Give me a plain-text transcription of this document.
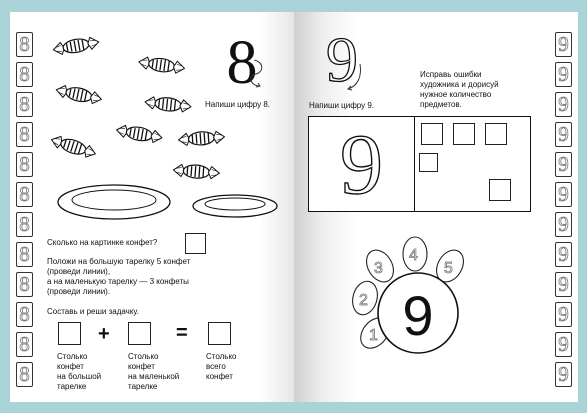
8
8
8
8
8
8
8
8
8
8
8
8
8

Напиши цифру 8.

Сколько на картинке конфет?

Положи на большую тарелку 5 конфет

(проведи линии),

а на маленькую тарелку — 3 конфеты

(проведи линии).

Составь и реши задачку.

+	=
Столько
конфет
на большой
тарелке
Столько
конфет
на маленькой
тарелке
Столько
всего
конфет
9

Напиши цифру 9.

Исправь ошибки
художника и дорисуй
нужное количество
предметов.
9
1
2
3
4
5
9
9
9
9
9
9
9
9
9
9
9
9
9
